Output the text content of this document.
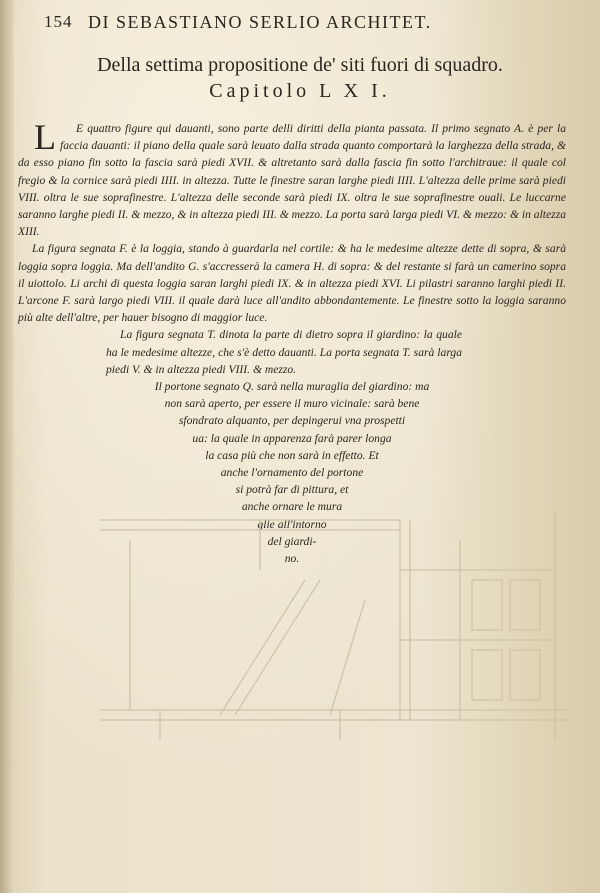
154 DI SEBASTIANO SERLIO ARCHITET.
Della settima propositione de' siti fuori di squadro.
Capitolo L X I.

L E quattro figure qui dauanti, sono parte delli diritti della pianta passata. Il primo segnato A. è per la faccia dauanti: il piano della quale sarà leuato dalla strada quanto comportarà la larghezza della strada, & da esso piano fin sotto la fascia sarà piedi XVII. & altretanto sarà dalla fascia fin sotto l'architraue: il quale col fregio & la cornice sarà piedi IIII. in altezza. Tutte le finestre saran larghe piedi IIII. L'altezza delle prime sarà piedi VIII. oltra le sue soprafinestre. L'altezza delle seconde sarà piedi IX. oltra le sue soprafinestre ouali. Le luccarne saranno larghe piedi II. & mezzo, & in altezza piedi III. & mezzo. La porta sarà larga piedi VI. & mezzo: & in altezza XIII.

La figura segnata F. è la loggia, stando à guardarla nel cortile: & ha le medesime altezze dette di sopra, & sarà loggia sopra loggia. Ma dell'andito G. s'accresserà la camera H. di sopra: & del restante si farà un camerino sopra il uiottolo. Li archi di questa loggia saran larghi piedi IX. & in altezza piedi XVI. Li pilastri saranno larghi piedi II. L'arcone F. sarà largo piedi VIII. il quale darà luce all'andito abbondantemente. Le finestre sotto la loggia saranno più alte dell'altre, per hauer bisogno di maggior luce.

La figura segnata T. dinota la parte di dietro sopra il giardino: la quale ha le medesime altezze, che s'è detto dauanti. La porta segnata T. sarà larga piedi V. & in altezza piedi VIII. & mezzo.

Il portone segnato Q. sarà nella muraglia del giardino: ma
non sarà aperto, per essere il muro vicinale: sarà bene
sfondrato alquanto, per depingerui vna prospetti
ua: la quale in apparenza farà parer longa
la casa più che non sarà in effetto. Et
anche l'ornamento del portone
si potrà far di pittura, et
anche ornare le mura
glie all'intorno
del giardi-
no.
